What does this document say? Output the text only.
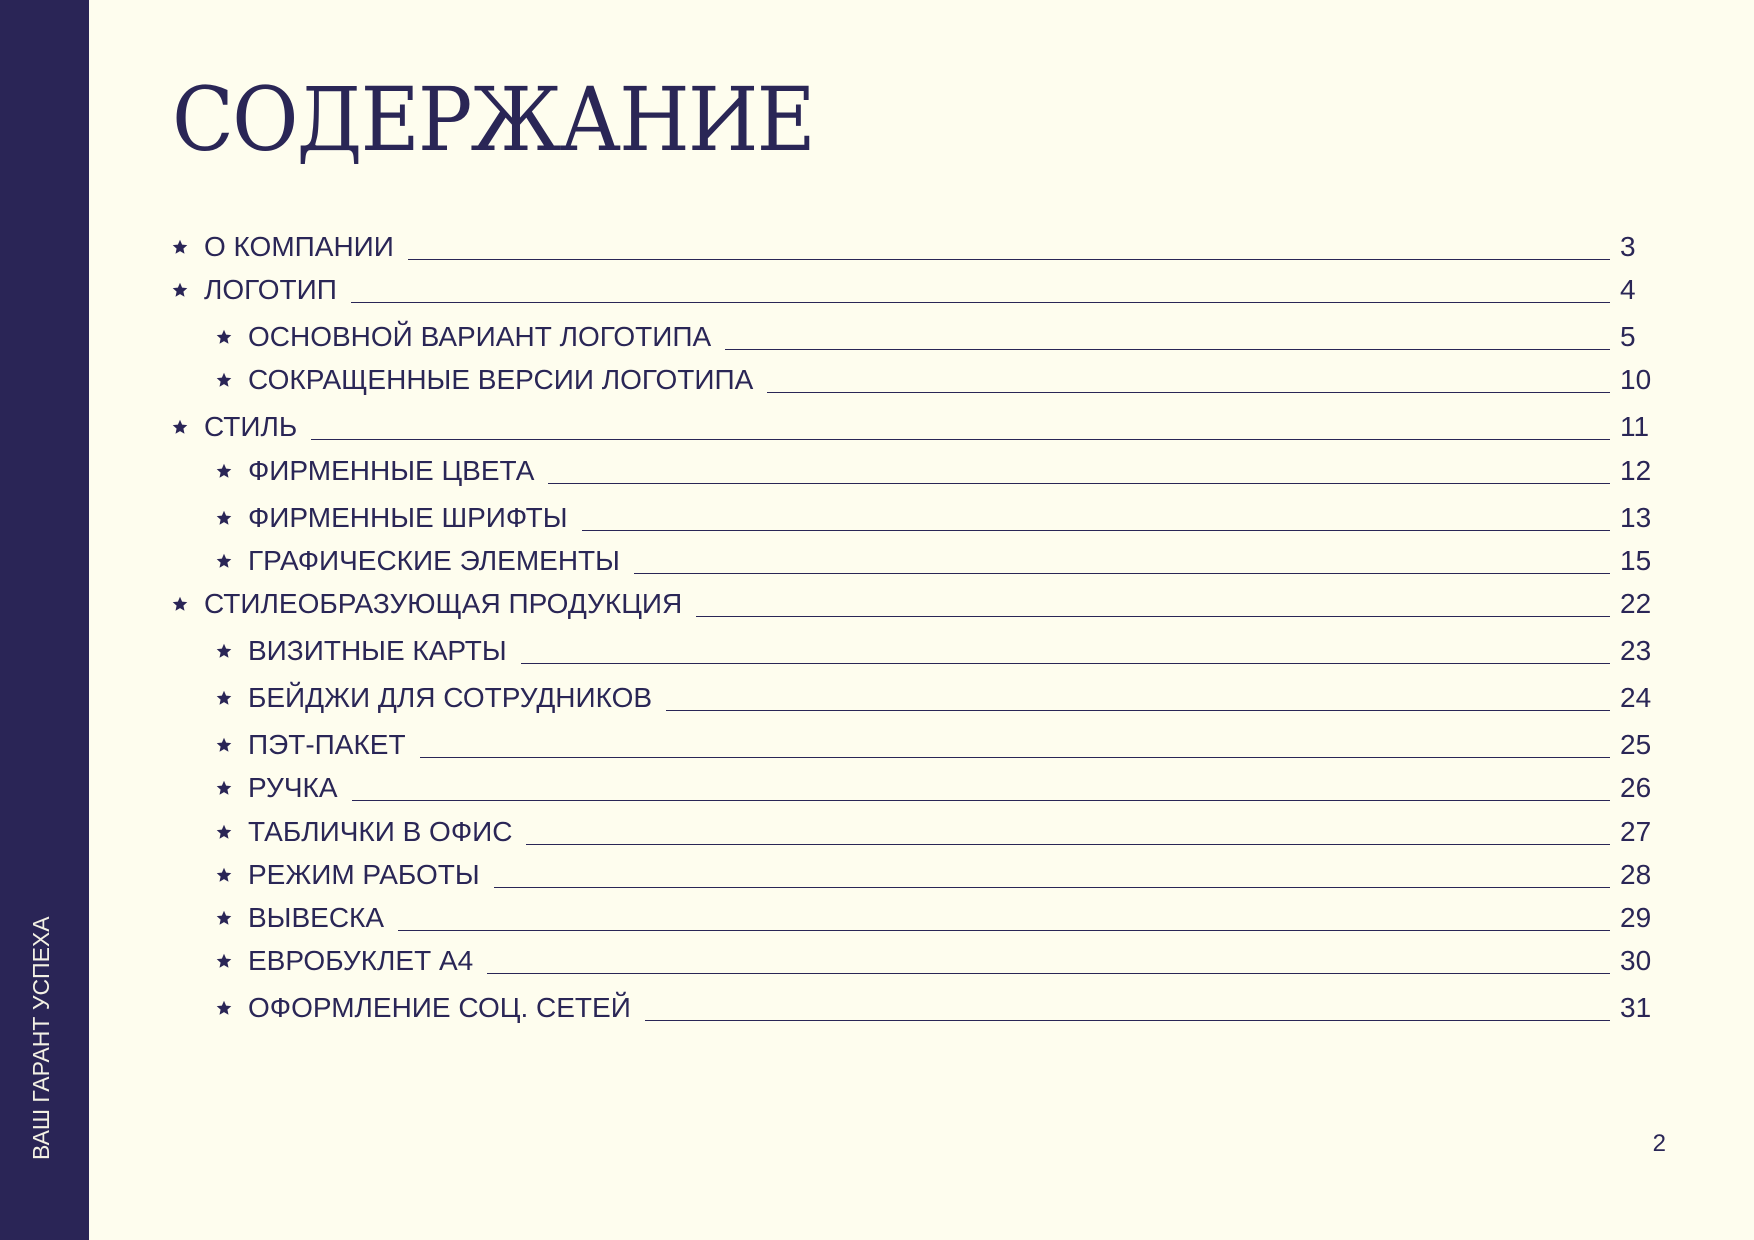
ВАШ ГАРАНТ УСПЕХА
СОДЕРЖАНИЕ
О КОМПАНИИ	3
ЛОГОТИП	4
ОСНОВНОЙ ВАРИАНТ ЛОГОТИПА	5
СОКРАЩЕННЫЕ ВЕРСИИ ЛОГОТИПА	10
СТИЛЬ	11
ФИРМЕННЫЕ ЦВЕТА	12
ФИРМЕННЫЕ ШРИФТЫ	13
ГРАФИЧЕСКИЕ ЭЛЕМЕНТЫ	15
СТИЛЕОБРАЗУЮЩАЯ ПРОДУКЦИЯ	22
ВИЗИТНЫЕ КАРТЫ	23
БЕЙДЖИ ДЛЯ СОТРУДНИКОВ	24
ПЭТ-ПАКЕТ	25
РУЧКА	26
ТАБЛИЧКИ В ОФИС	27
РЕЖИМ РАБОТЫ	28
ВЫВЕСКА	29
ЕВРОБУКЛЕТ А4	30
ОФОРМЛЕНИЕ СОЦ. СЕТЕЙ	31
2
